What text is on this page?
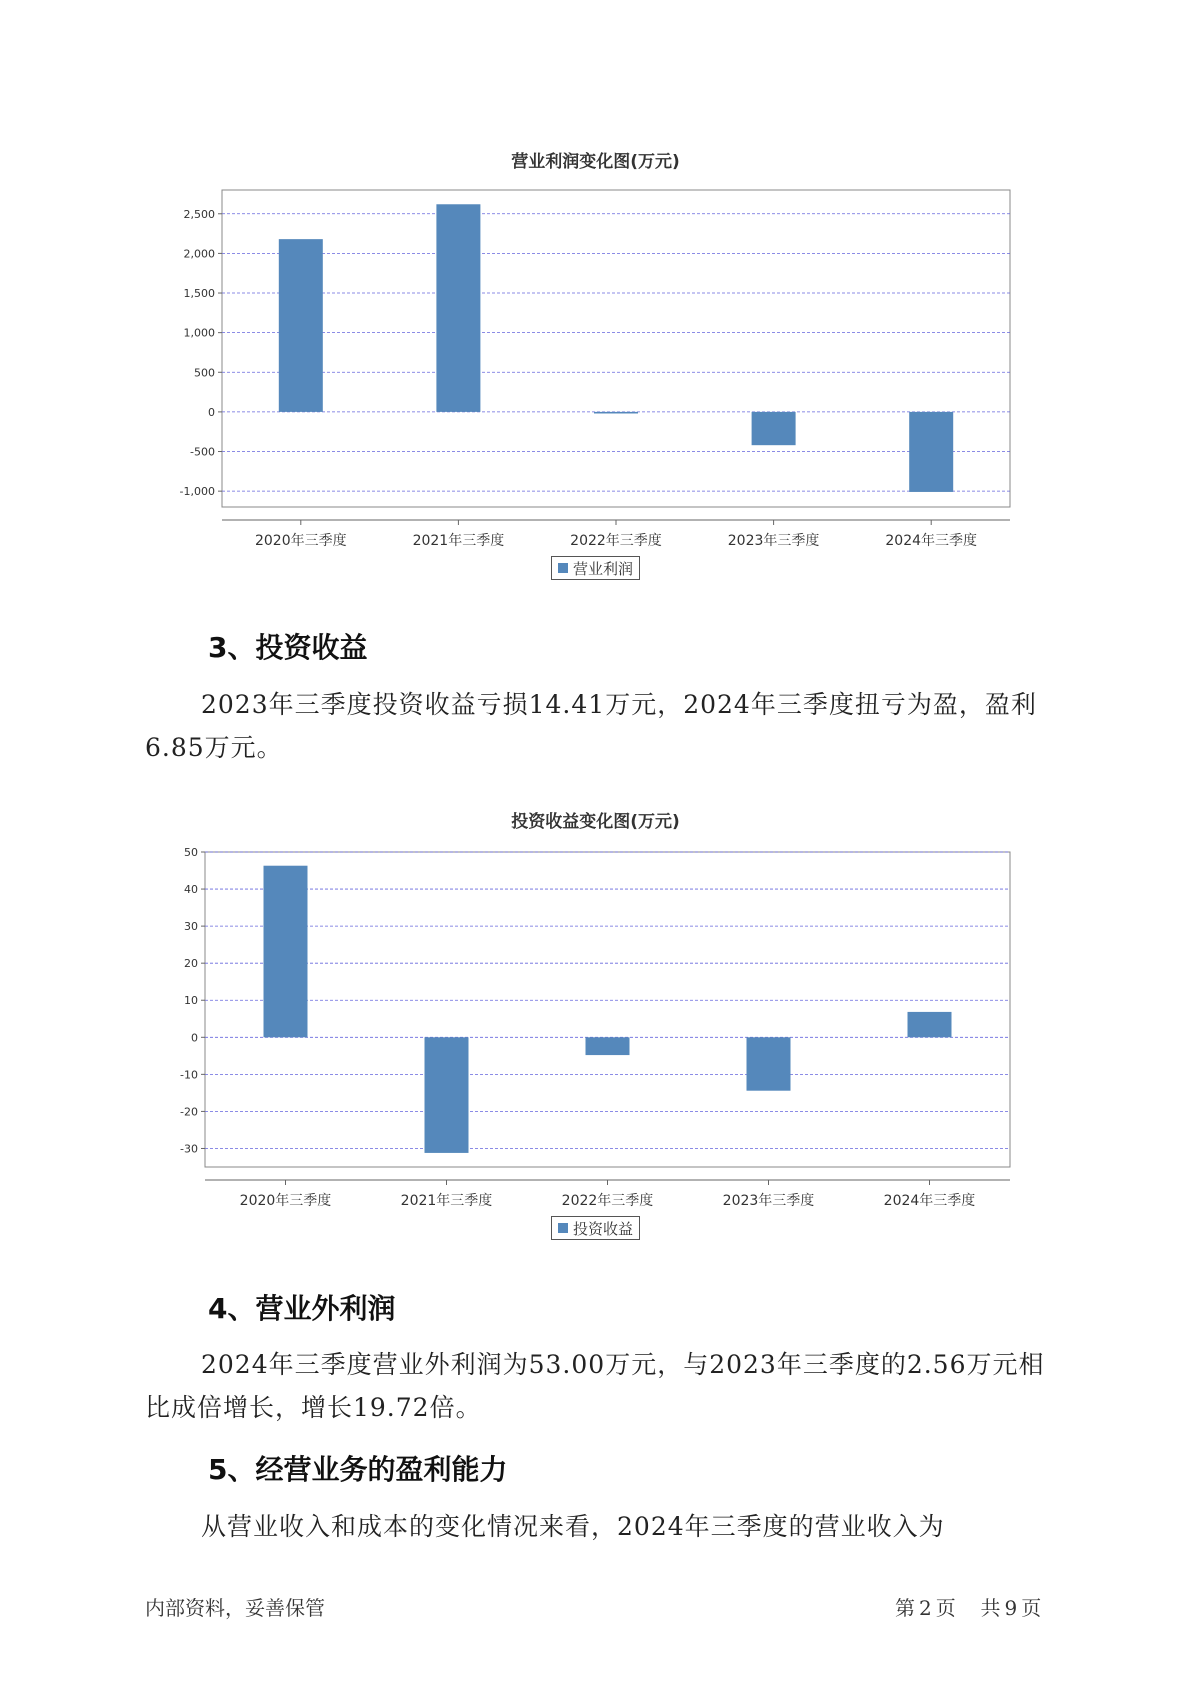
营业利润变化图(万元)
2,500
2,000
1,500
1,000
500
0
-500
-1,000
2020年三季度	2021年三季度	2022年三季度	2023年三季度	2024年三季度
营业利润
3、投资收益
2023年三季度投资收益亏损14.41万元，2024年三季度扭亏为盈，盈利6.85万元。
投资收益变化图(万元)
50
40
30
20
10
0
-10
-20
-30
2020年三季度	2021年三季度	2022年三季度	2023年三季度	2024年三季度
投资收益
4、营业外利润
2024年三季度营业外利润为53.00万元，与2023年三季度的2.56万元相比成倍增长，增长19.72倍。
5、经营业务的盈利能力
从营业收入和成本的变化情况来看，2024年三季度的营业收入为
内部资料，妥善保管	第 2 页 共 9 页
